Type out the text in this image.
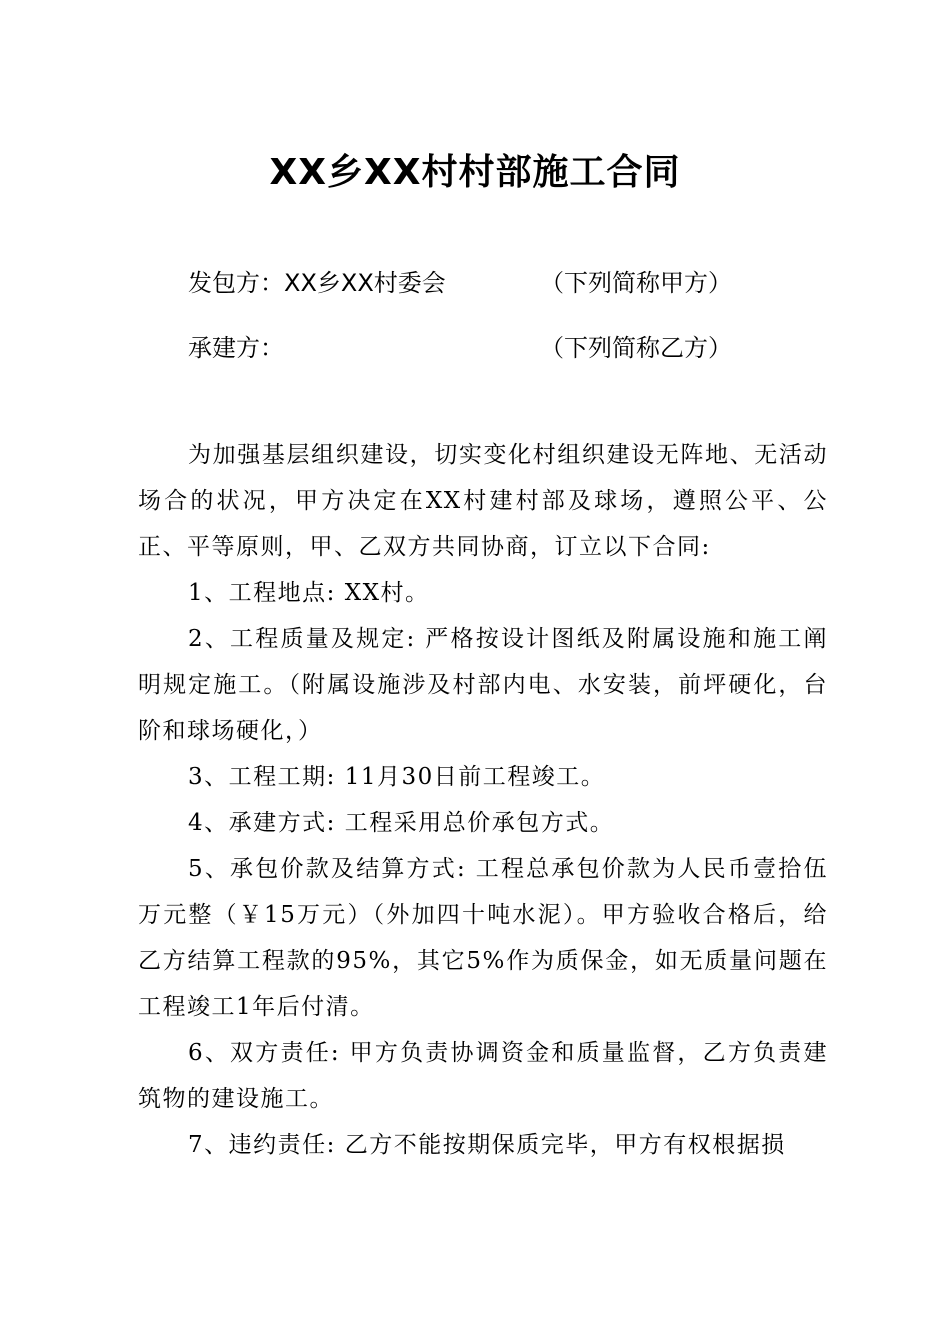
XX乡XX村村部施工合同
发包方：XX乡XX村委会	（下列简称甲方）
承建方：	（下列简称乙方）

为加强基层组织建设，切实变化村组织建设无阵地、无活动场合的状况，甲方决定在XX村建村部及球场，遵照公平、公正、平等原则，甲、乙双方共同协商，订立以下合同:

1、工程地点: XX村。

2、工程质量及规定: 严格按设计图纸及附属设施和施工阐明规定施工。（附属设施涉及村部内电、水安装，前坪硬化，台阶和球场硬化，）

3、工程工期: 11月30日前工程竣工。

4、承建方式: 工程采用总价承包方式。

5、承包价款及结算方式: 工程总承包价款为人民币壹拾伍万元整（￥15万元）（外加四十吨水泥）。甲方验收合格后，给乙方结算工程款的95%，其它5%作为质保金，如无质量问题在工程竣工1年后付清。

6、双方责任: 甲方负责协调资金和质量监督，乙方负责建筑物的建设施工。

7、违约责任: 乙方不能按期保质完毕，甲方有权根据损
